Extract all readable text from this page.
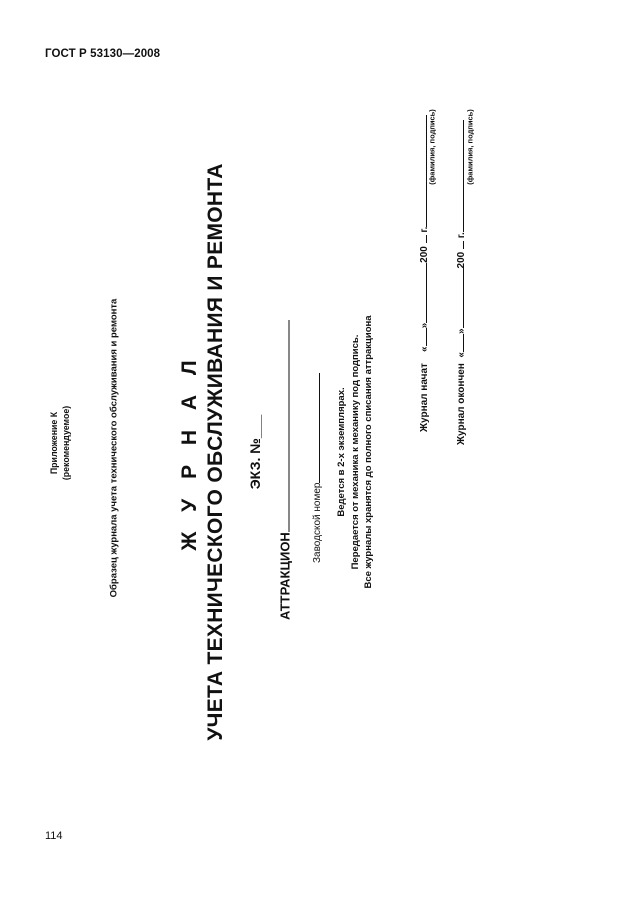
ГОСТ Р 53130—2008
Приложение К (рекомендуемое)	Образец журнала учета технического обслуживания и ремонта	Ж У Р Н А Л УЧЕТА ТЕХНИЧЕСКОГО ОБСЛУЖИВАНИЯ И РЕМОНТА ЭКЗ. №___
АТТРАКЦИОН
Заводской номер
Ведется в 2-х экземплярах. Передается от механика к механику под подпись. Все журналы хранятся до полного списания аттракциона	Журнал начат    «»200  г.
(фамилия, подпись)
Журнал окончен  «»200  г.
(фамилия, подпись)
114
